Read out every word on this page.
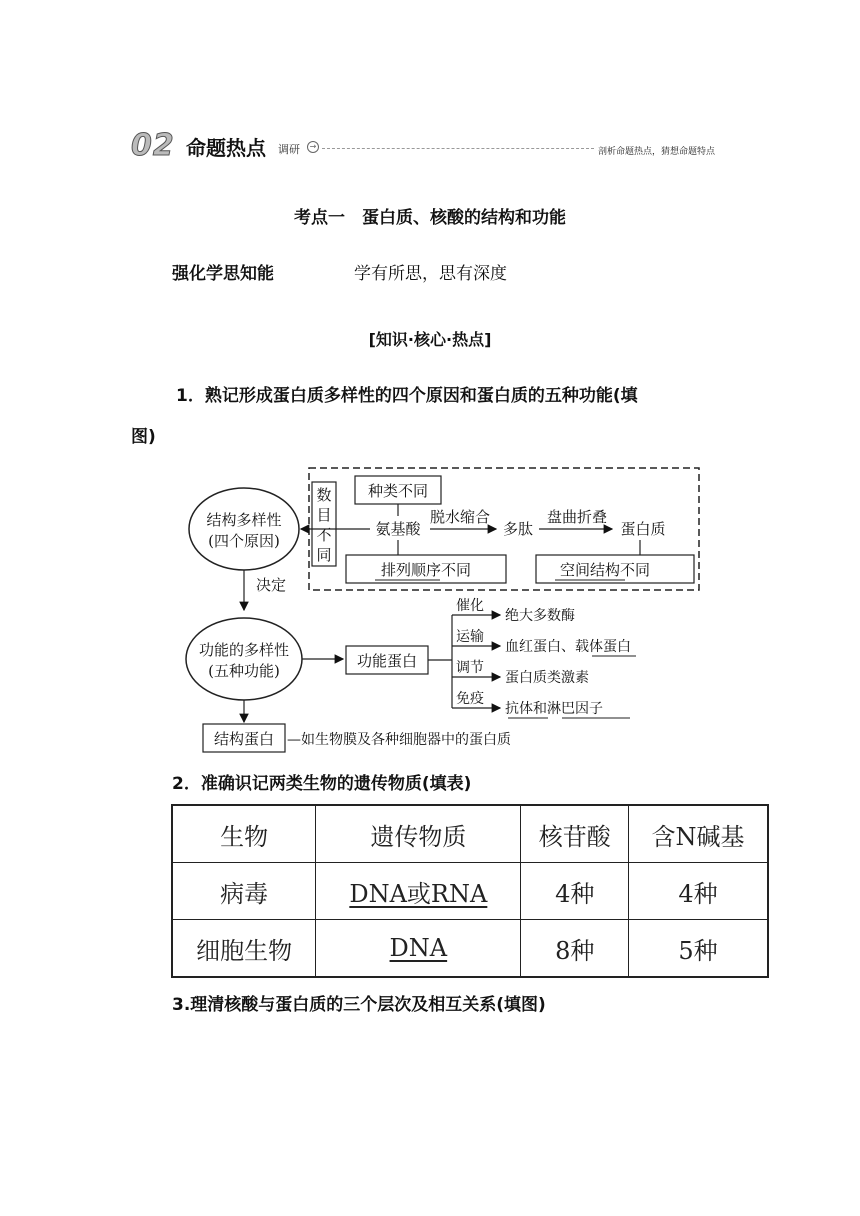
02 命题热点 调研	→
剖析命题热点，猜想命题特点
考点一　蛋白质、核酸的结构和功能
强化学思知能	学有所思，思有深度
[知识·核心·热点]
1．熟记形成蛋白质多样性的四个原因和蛋白质的五种功能(填
图)
结构多样性
(四个原因)
数
目
不
同
种类不同
氨基酸
脱水缩合
多肽
盘曲折叠
蛋白质
排列顺序不同	空间结构不同
决定
功能的多样性
(五种功能)
功能蛋白
催化
运输
调节
免疫
绝大多数酶
血红蛋白、载体蛋白
蛋白质类激素
抗体和淋巴因子
结构蛋白 —如生物膜及各种细胞器中的蛋白质
2．准确识记两类生物的遗传物质(填表)
生物	遗传物质	核苷酸	含N碱基
病毒	DNA或RNA	4种	4种
细胞生物	DNA	8种	5种
3.理清核酸与蛋白质的三个层次及相互关系(填图)
